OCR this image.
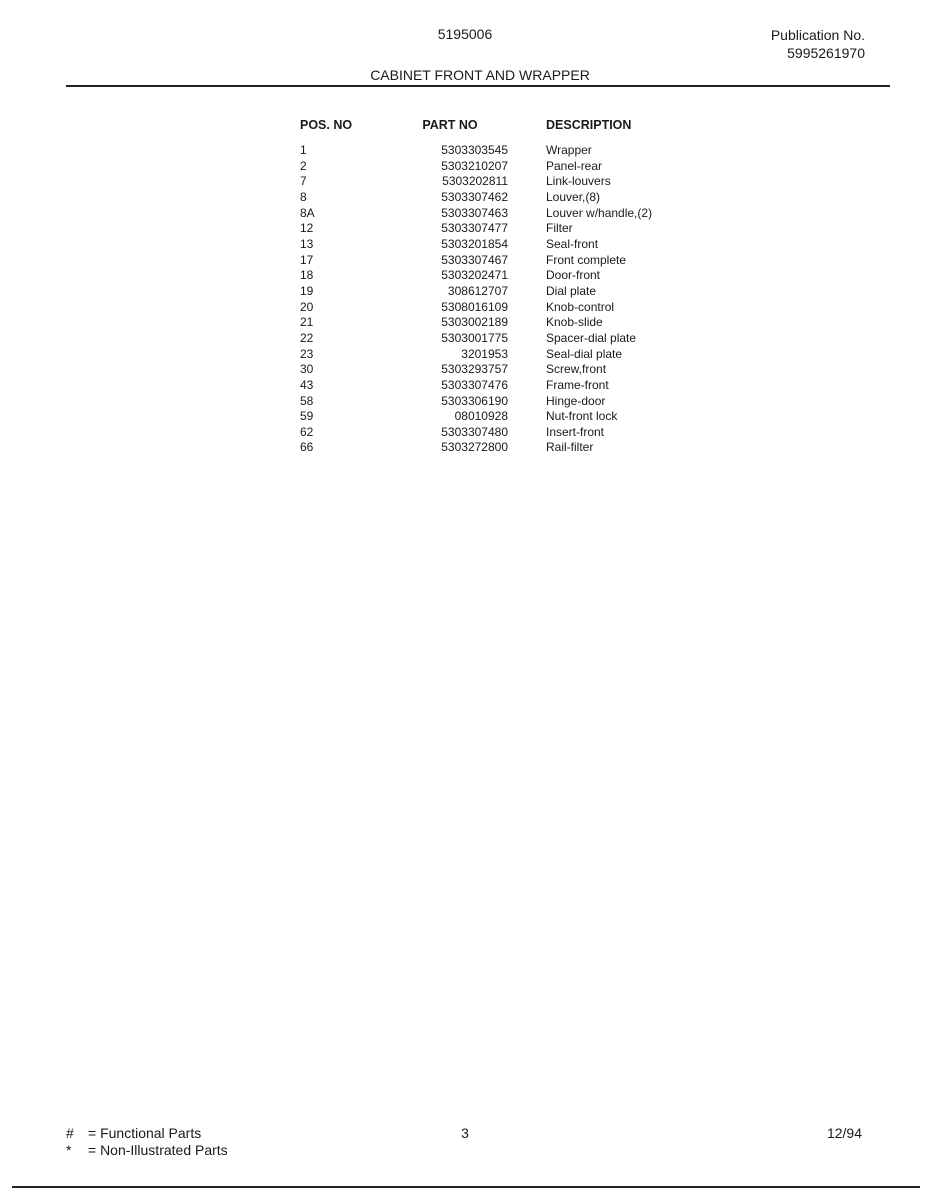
5195006	Publication No.
5995261970
CABINET FRONT AND WRAPPER
POS. NO	PART NO	DESCRIPTION
1	5303303545	Wrapper
2	5303210207	Panel-rear
7	5303202811	Link-louvers
8	5303307462	Louver,(8)
8A	5303307463	Louver w/handle,(2)
12	5303307477	Filter
13	5303201854	Seal-front
17	5303307467	Front complete
18	5303202471	Door-front
19	308612707	Dial plate
20	5308016109	Knob-control
21	5303002189	Knob-slide
22	5303001775	Spacer-dial plate
23	3201953	Seal-dial plate
30	5303293757	Screw,front
43	5303307476	Frame-front
58	5303306190	Hinge-door
59	08010928	Nut-front lock
62	5303307480	Insert-front
66	5303272800	Rail-filter
# = Functional Parts
* = Non-Illustrated Parts
3	12/94
